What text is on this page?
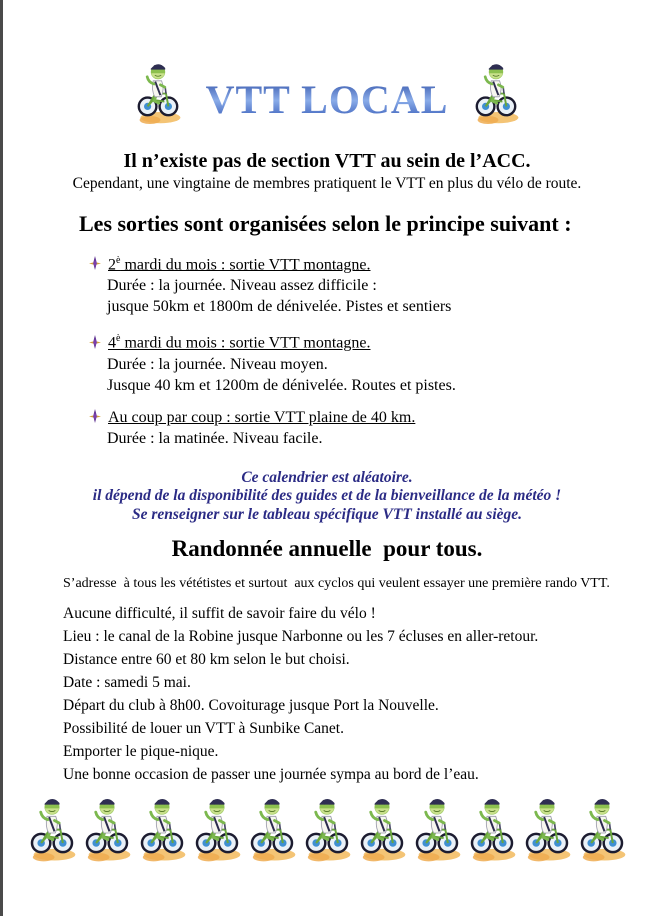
VTT LOCAL

Il n’existe pas de section VTT au sein de l’ACC.

Cependant, une vingtaine de membres pratiquent le VTT en plus du vélo de route.

Les sorties sont organisées selon le principe suivant :
$2^è$ mardi du mois : sortie VTT montagne.
Durée : la journée. Niveau assez difficile :
jusque 50km et 1800m de dénivelée. Pistes et sentiers
$4^è$ mardi du mois : sortie VTT montagne.
Durée : la journée. Niveau moyen.
Jusque 40 km et 1200m de dénivelée. Routes et pistes.
Au coup par coup : sortie VTT plaine de 40 km.
Durée : la matinée. Niveau facile.
Ce calendrier est aléatoire.
il dépend de la disponibilité des guides et de la bienveillance de la météo !
Se renseigner sur le tableau spécifique VTT installé au siège.
Randonnée annuelle  pour tous.

S’adresse  à tous les vététistes et surtout  aux cyclos qui veulent essayer une première rando VTT.

Aucune difficulté, il suffit de savoir faire du vélo !

Lieu : le canal de la Robine jusque Narbonne ou les 7 écluses en aller-retour.

Distance entre 60 et 80 km selon le but choisi.

Date : samedi 5 mai.

Départ du club à 8h00. Covoiturage jusque Port la Nouvelle.

Possibilité de louer un VTT à Sunbike Canet.

Emporter le pique-nique.

Une bonne occasion de passer une journée sympa au bord de l’eau.
